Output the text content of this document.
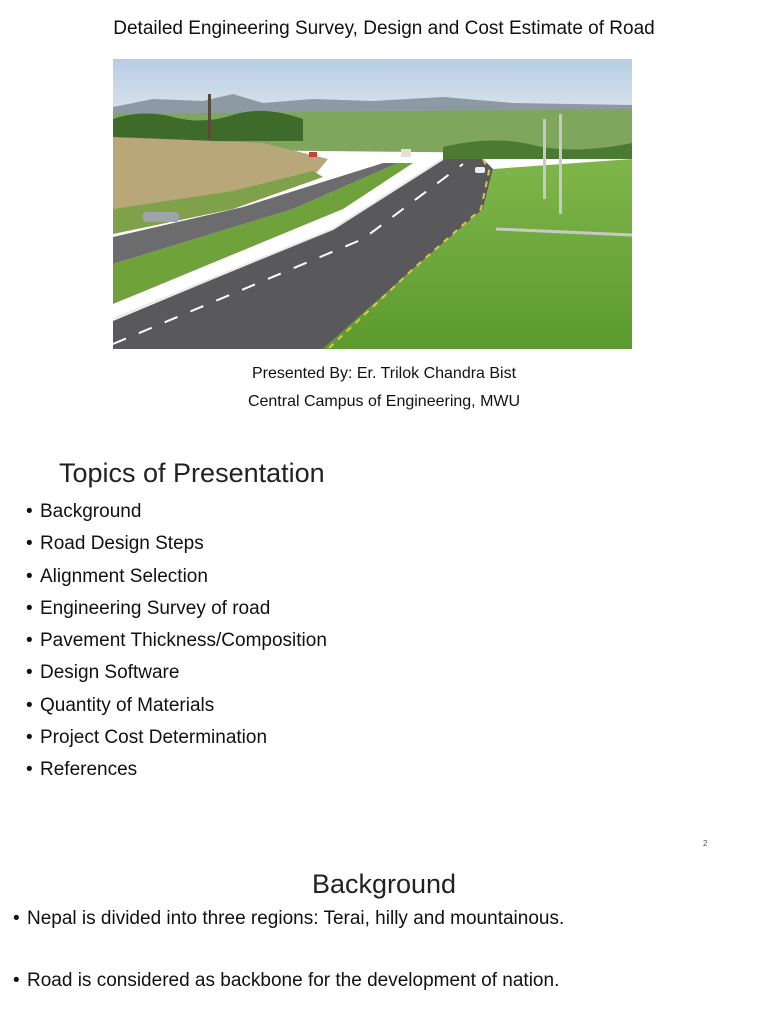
Detailed Engineering Survey, Design and Cost Estimate of Road
Presented By: Er. Trilok Chandra Bist
Central Campus of Engineering, MWU
Topics of Presentation
• Background
• Road Design Steps
• Alignment Selection
• Engineering Survey of road
• Pavement Thickness/Composition
• Design Software
• Quantity of Materials
• Project Cost Determination
• References
2
Background
• Nepal is divided into three regions: Terai, hilly and mountainous.
• Road is considered as backbone for the development of nation.
